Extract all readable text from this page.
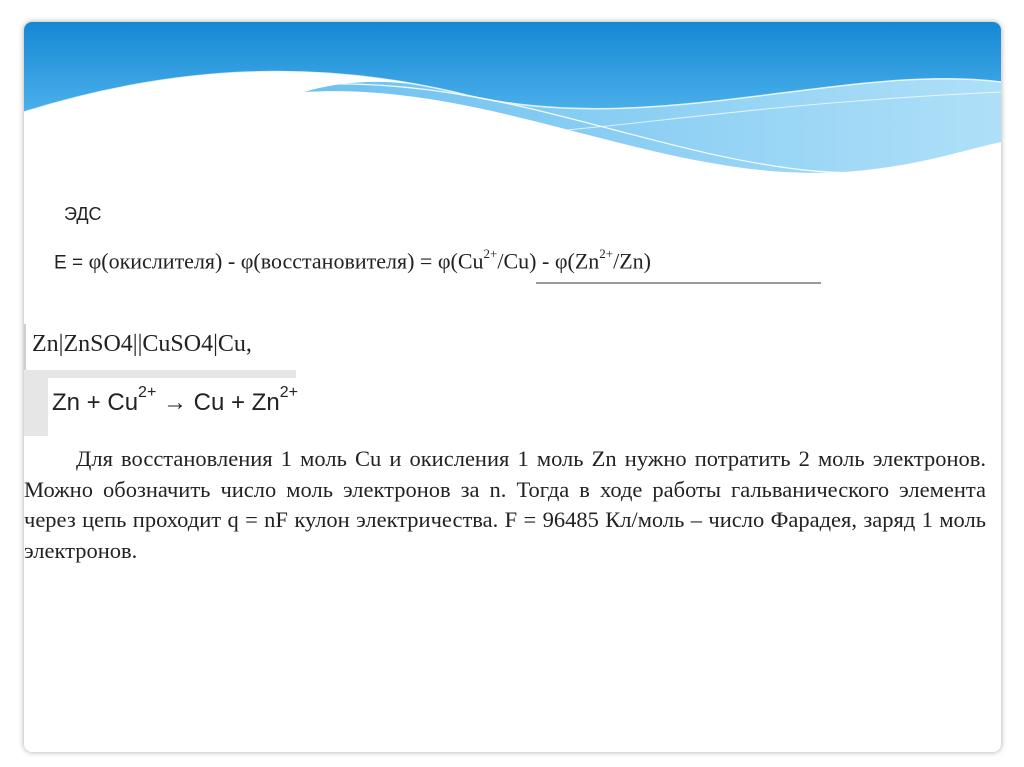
ЭДС
E = φ(окислителя) - φ(восстановителя) = $\varphi(Cu^{2+}/Cu) - \varphi(Zn^{2+}/Zn)$
Zn|ZnSO4||CuSO4|Cu,
$Zn + Cu^{2+} \to Cu + Zn^{2+}$
Для восстановления 1 моль Cu и окисления 1 моль Zn нужно потратить 2 моль электронов. Можно обозначить число моль электронов за n. Тогда в ходе работы гальванического элемента через цепь проходит q = nF кулон электричества. F = 96485 Кл/моль – число Фарадея, заряд 1 моль электронов.
